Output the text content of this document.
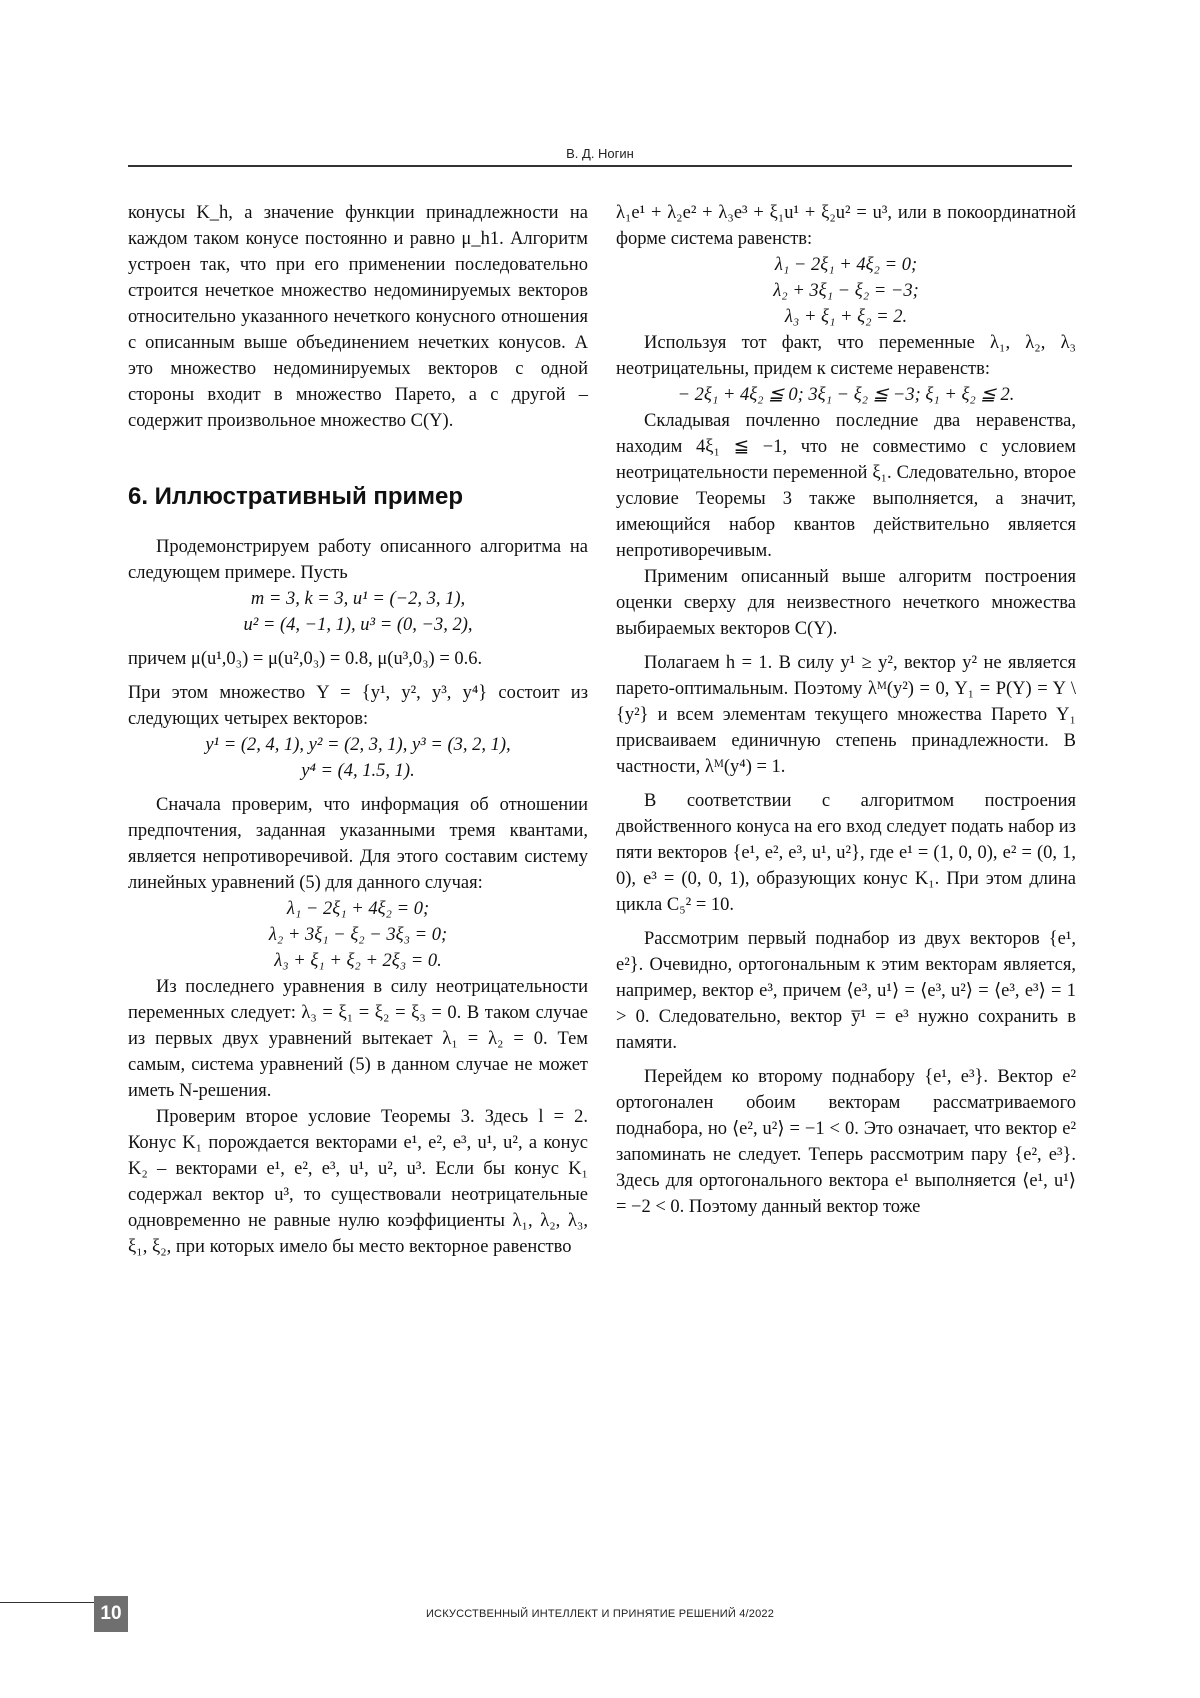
В. Д. Ногин

конусы K_h, а значение функции принадлежности на каждом таком конусе постоянно и равно μ_h1. Алгоритм устроен так, что при его применении последовательно строится нечеткое множество недоминируемых векторов относительно указанного нечеткого конусного отношения с описанным выше объединением нечетких конусов. А это множество недоминируемых векторов с одной стороны входит в множество Парето, а с другой – содержит произвольное множество C(Y).

6. Иллюстративный пример

Продемонстрируем работу описанного алгоритма на следующем примере. Пусть

m = 3, k = 3, u¹ = (−2, 3, 1),
u² = (4, −1, 1), u³ = (0, −3, 2),

причем μ(u¹,0₃) = μ(u²,0₃) = 0.8, μ(u³,0₃) = 0.6.

При этом множество Y = {y¹, y², y³, y⁴} состоит из следующих четырех векторов:

y¹ = (2, 4, 1), y² = (2, 3, 1), y³ = (3, 2, 1),
y⁴ = (4, 1.5, 1).

Сначала проверим, что информация об отношении предпочтения, заданная указанными тремя квантами, является непротиворечивой. Для этого составим систему линейных уравнений (5) для данного случая:

λ₁ − 2ξ₁ + 4ξ₂ = 0;
λ₂ + 3ξ₁ − ξ₂ − 3ξ₃ = 0;
λ₃ + ξ₁ + ξ₂ + 2ξ₃ = 0.

Из последнего уравнения в силу неотрицательности переменных следует: λ₃ = ξ₁ = ξ₂ = ξ₃ = 0. В таком случае из первых двух уравнений вытекает λ₁ = λ₂ = 0. Тем самым, система уравнений (5) в данном случае не может иметь N-решения.

Проверим второе условие Теоремы 3. Здесь l = 2. Конус K₁ порождается векторами e¹, e², e³, u¹, u², а конус K₂ – векторами e¹, e², e³, u¹, u², u³. Если бы конус K₁ содержал вектор u³, то существовали неотрицательные одновременно не равные нулю коэффициенты λ₁, λ₂, λ₃, ξ₁, ξ₂, при которых имело бы место векторное равенство

λ₁e¹ + λ₂e² + λ₃e³ + ξ₁u¹ + ξ₂u² = u³, или в покоординатной форме система равенств:

λ₁ − 2ξ₁ + 4ξ₂ = 0;
λ₂ + 3ξ₁ − ξ₂ = −3;
λ₃ + ξ₁ + ξ₂ = 2.

Используя тот факт, что переменные λ₁, λ₂, λ₃ неотрицательны, придем к системе неравенств:

− 2ξ₁ + 4ξ₂ ≦ 0; 3ξ₁ − ξ₂ ≦ −3; ξ₁ + ξ₂ ≦ 2.

Складывая почленно последние два неравенства, находим 4ξ₁ ≦ −1, что не совместимо с условием неотрицательности переменной ξ₁. Следовательно, второе условие Теоремы 3 также выполняется, а значит, имеющийся набор квантов действительно является непротиворечивым.

Применим описанный выше алгоритм построения оценки сверху для неизвестного нечеткого множества выбираемых векторов C(Y).

Полагаем h = 1. В силу y¹ ≥ y², вектор y² не является парето-оптимальным. Поэтому λᴹ(y²) = 0, Y₁ = P(Y) = Y \ {y²} и всем элементам текущего множества Парето Y₁ присваиваем единичную степень принадлежности. В частности, λᴹ(y⁴) = 1.

В соответствии с алгоритмом построения двойственного конуса на его вход следует подать набор из пяти векторов {e¹, e², e³, u¹, u²}, где e¹ = (1, 0, 0), e² = (0, 1, 0), e³ = (0, 0, 1), образующих конус K₁. При этом длина цикла C₅² = 10.

Рассмотрим первый поднабор из двух векторов {e¹, e²}. Очевидно, ортогональным к этим векторам является, например, вектор e³, причем ⟨e³, u¹⟩ = ⟨e³, u²⟩ = ⟨e³, e³⟩ = 1 > 0. Следовательно, вектор y̅¹ = e³ нужно сохранить в памяти.

Перейдем ко второму поднабору {e¹, e³}. Вектор e² ортогонален обоим векторам рассматриваемого поднабора, но ⟨e², u²⟩ = −1 < 0. Это означает, что вектор e² запоминать не следует. Теперь рассмотрим пару {e², e³}. Здесь для ортогонального вектора e¹ выполняется ⟨e¹, u¹⟩ = −2 < 0. Поэтому данный вектор тоже

10	ИСКУССТВЕННЫЙ ИНТЕЛЛЕКТ И ПРИНЯТИЕ РЕШЕНИЙ 4/2022
